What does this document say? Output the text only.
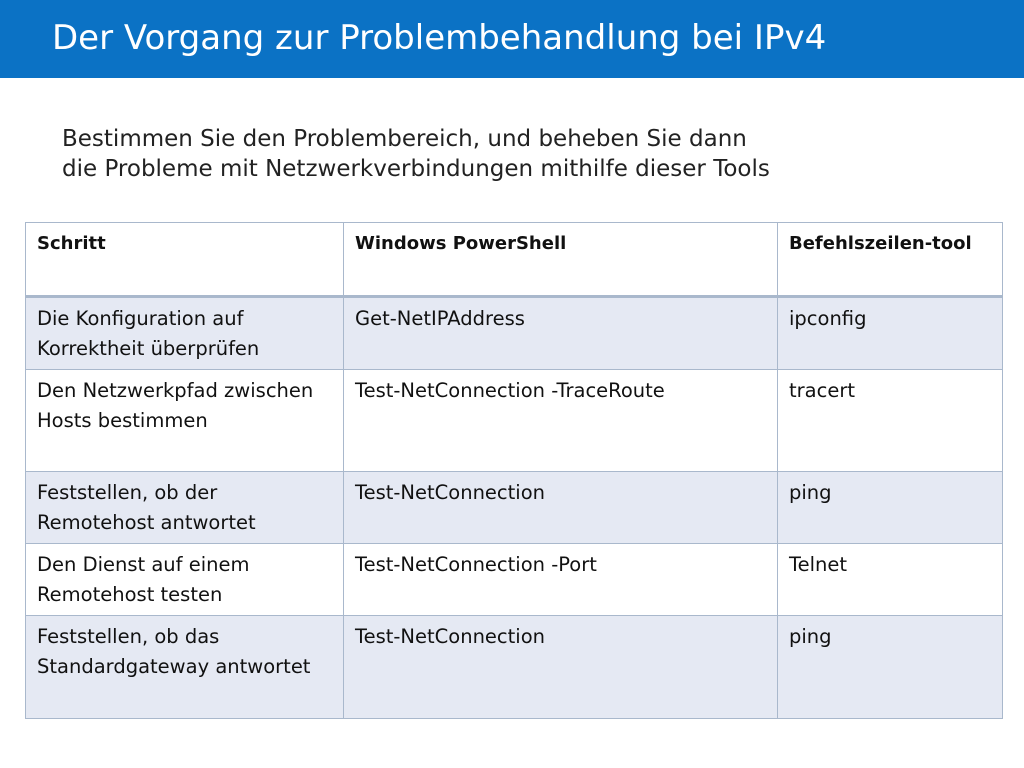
Der Vorgang zur Problembehandlung bei IPv4
Bestimmen Sie den Problembereich, und beheben Sie dann
die Probleme mit Netzwerkverbindungen mithilfe dieser Tools
Schritt	Windows PowerShell	Befehlszeilen-tool
Die Konfiguration auf Korrektheit überprüfen	Get-NetIPAddress	ipconfig
Den Netzwerkpfad zwischen Hosts bestimmen	Test-NetConnection -TraceRoute	tracert
Feststellen, ob der Remotehost antwortet	Test-NetConnection	ping
Den Dienst auf einem Remotehost testen	Test-NetConnection -Port	Telnet
Feststellen, ob das Standardgateway antwortet	Test-NetConnection	ping
